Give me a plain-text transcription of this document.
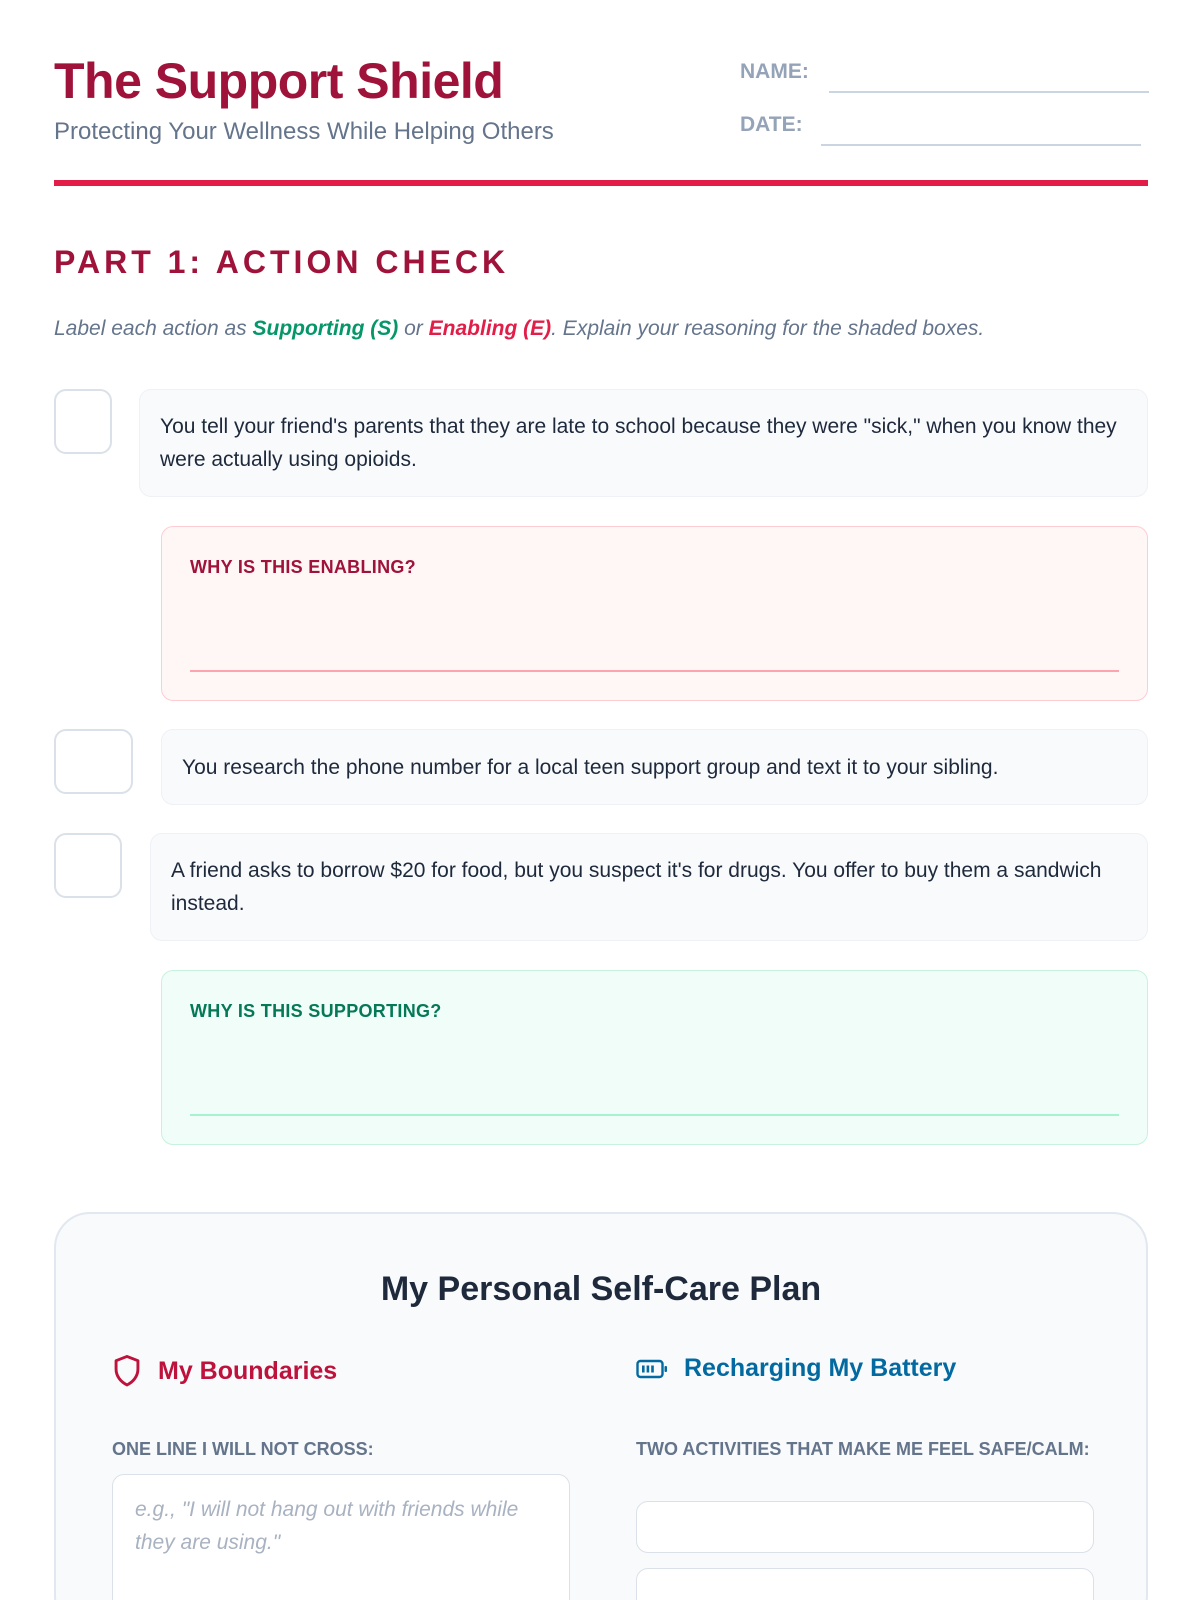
The Support Shield
Protecting Your Wellness While Helping Others
NAME:
DATE:
PART 1: ACTION CHECK
Label each action as Supporting (S) or Enabling (E). Explain your reasoning for the shaded boxes.
You tell your friend's parents that they are late to school because they were "sick," when you know they were actually using opioids.
WHY IS THIS ENABLING?
You research the phone number for a local teen support group and text it to your sibling.
A friend asks to borrow $20 for food, but you suspect it's for drugs. You offer to buy them a sandwich instead.
WHY IS THIS SUPPORTING?
My Personal Self-Care Plan
My Boundaries	Recharging My Battery
ONE LINE I WILL NOT CROSS:
e.g., "I will not hang out with friends while they are using."
TWO ACTIVITIES THAT MAKE ME FEEL SAFE/CALM:
